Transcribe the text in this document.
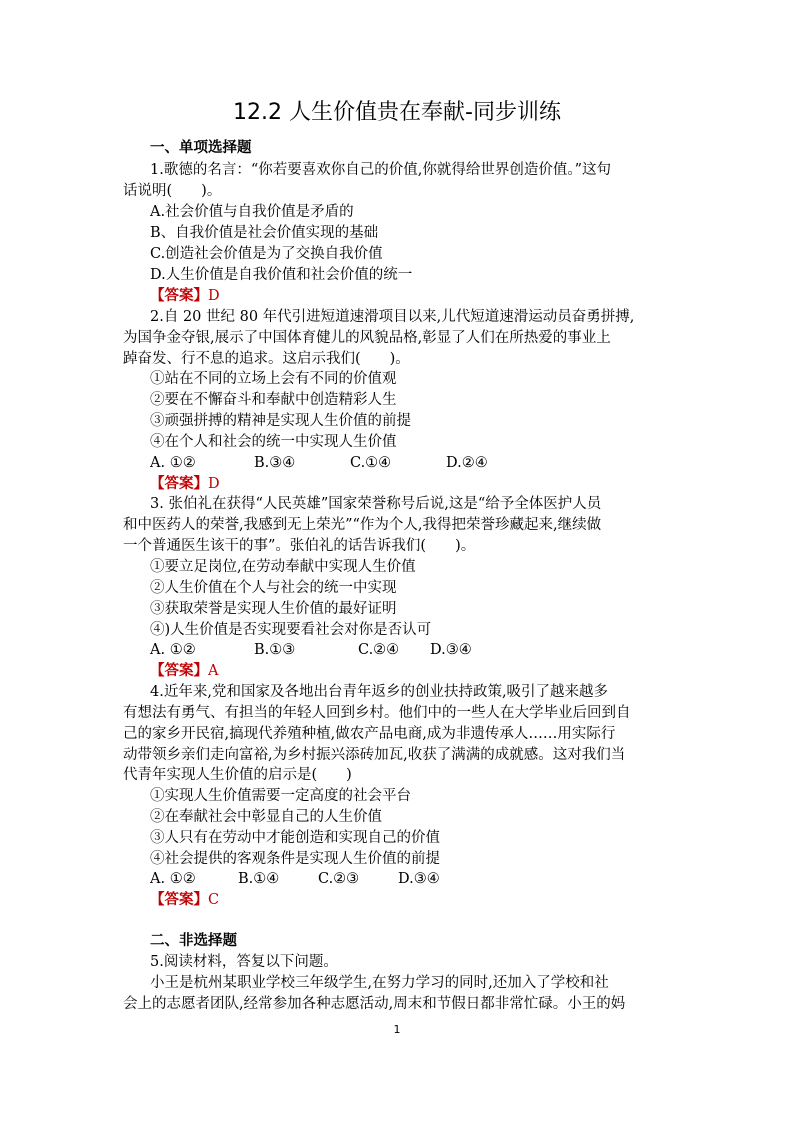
12.2 人生价值贵在奉献-同步训练
一、单项选择题
1.歌德的名言：“你若要喜欢你自己的价值,你就得给世界创造价值。”这句
话说明(　　)。
A.社会价值与自我价值是矛盾的
B、自我价值是社会价值实现的基础
C.创造社会价值是为了交换自我价值
D.人生价值是自我价值和社会价值的统一
【答案】D
2.自 20 世纪 80 年代引进短道速滑项目以来,儿代短道速滑运动员奋勇拼搏,
为国争金夺银,展示了中国体育健儿的风貌品格,彰显了人们在所热爱的事业上
踔奋发、行不息的追求。这启示我们(　　)。
①站在不同的立场上会有不同的价值观
②要在不懈奋斗和奉献中创造精彩人生
③顽强拼搏的精神是实现人生价值的前提
④在个人和社会的统一中实现人生价值
A. ①②	B.③④	C.①④	D.②④
【答案】D
3. 张伯礼在获得“人民英雄”国家荣誉称号后说,这是“给予全体医护人员
和中医药人的荣誉,我感到无上荣光”“作为个人,我得把荣誉珍藏起来,继续做
一个普通医生该干的事”。张伯礼的话告诉我们(　　)。
①要立足岗位,在劳动奉献中实现人生价值
②人生价值在个人与社会的统一中实现
③获取荣誉是实现人生价值的最好证明
④)人生价值是否实现要看社会对你是否认可
A. ①②	B.①③	C.②④ D.③④
【答案】A
4.近年来,党和国家及各地出台青年返乡的创业扶持政策,吸引了越来越多
有想法有勇气、有担当的年轻人回到乡村。他们中的一些人在大学毕业后回到自
己的家乡开民宿,搞现代养殖种植,做农产品电商,成为非遗传承人……用实际行
动带领乡亲们走向富裕,为乡村振兴添砖加瓦,收获了满满的成就感。这对我们当
代青年实现人生价值的启示是(　　)
①实现人生价值需要一定高度的社会平台
②在奉献社会中彰显自己的人生价值
③人只有在劳动中才能创造和实现自己的价值
④社会提供的客观条件是实现人生价值的前提
A. ①②	B.①④	C.②③	D.③④
【答案】C
二、非选择题
5.阅读材料，答复以下问题。
小王是杭州某职业学校三年级学生,在努力学习的同时,还加入了学校和社
会上的志愿者团队,经常参加各种志愿活动,周末和节假日都非常忙碌。小王的妈
1
